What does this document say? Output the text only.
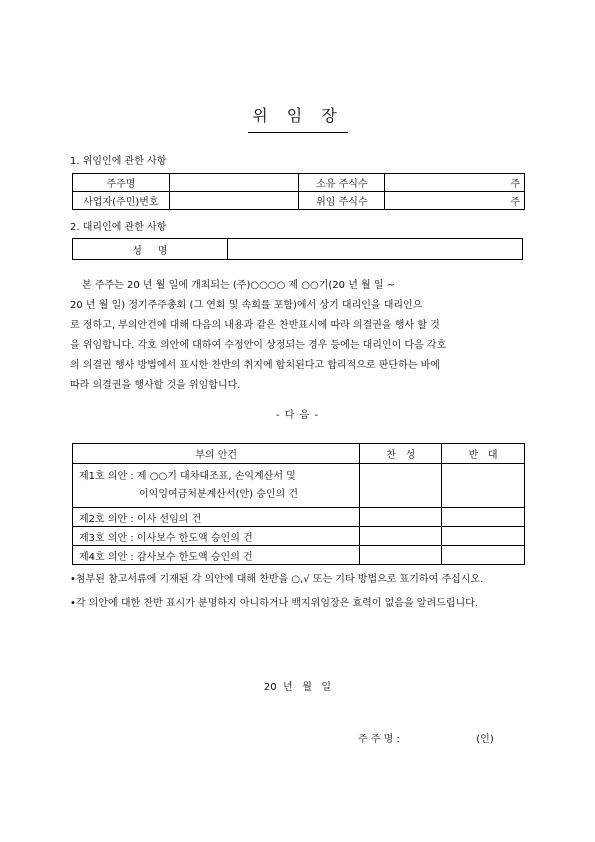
위 임 장
1. 위임인에 관한 사항
주주명		소유 주식수	주
사업자(주민)번호		위임 주식수	주
2. 대리인에 관한 사항
성     명	
본 주주는 20 년 월 일에 개최되는 (주)○○○○ 제 ○○기(20 년 월 일 ~
20 년 월 일) 정기주주총회 (그 연회 및 속회를 포함)에서 상기 대리인을 대리인으
로 정하고, 부의안건에 대해 다음의 내용과 같은 찬반표시에 따라 의결권을 행사 할 것
을 위임합니다. 각호 의안에 대하여 수정안이 상정되는 경우 등에는 대리인이 다음 각호
의 의결권 행사 방법에서 표시한 찬반의 취지에 합치된다고 합리적으로 판단하는 바에
따라 의결권을 행사할 것을 위임합니다.
- 다 음 -
부의 안건	찬   성	반   대

제1호 의안 : 제 ○○기 대차대조표, 손익계산서 및
이익잉여금처분계산서(안) 승인의 건		

제2호 의안 : 이사 선임의 건		
제3호 의안 : 이사보수 한도액 승인의 건		
제4호 의안 : 감사보수 한도액 승인의 건		
•첨부된 참고서류에 기재된 각 의안에 대해 찬반을 ○,√ 또는 기타 방법으로 표기하여 주십시오.
•각 의안에 대한 찬반 표시가 분명하지 아니하거나 백지위임장은 효력이 없음을 알려드립니다.
20  년   월   일
주 주 명 :	(인)
